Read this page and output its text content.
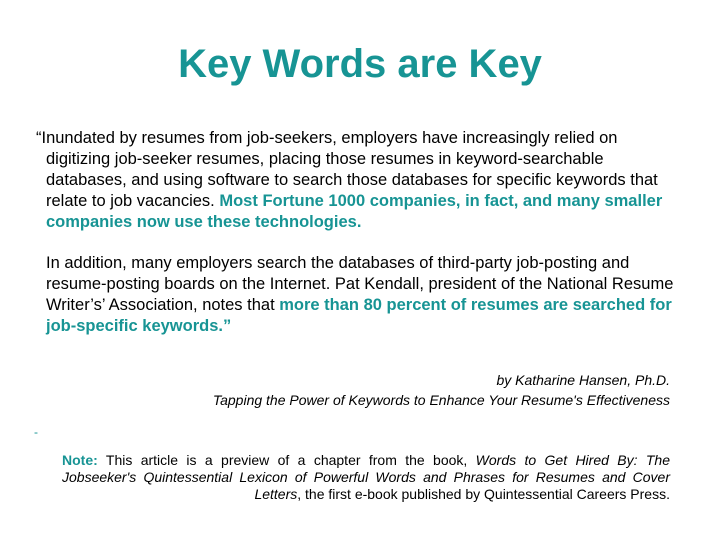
Key Words are Key

“Inundated by resumes from job-seekers, employers have increasingly relied on digitizing job-seeker resumes, placing those resumes in keyword-searchable databases, and using software to search those databases for specific keywords that relate to job vacancies. Most Fortune 1000 companies, in fact, and many smaller companies now use these technologies.

In addition, many employers search the databases of third-party job-posting and resume-posting boards on the Internet. Pat Kendall, president of the National Resume Writer’s’ Association, notes that more than 80 percent of resumes are searched for job-specific keywords.”

by Katharine Hansen, Ph.D.
Tapping the Power of Keywords to Enhance Your Resume's Effectiveness
-
Note: This article is a preview of a chapter from the book, Words to Get Hired By: The Jobseeker's Quintessential Lexicon of Powerful Words and Phrases for Resumes and Cover Letters, the first e-book published by Quintessential Careers Press.
